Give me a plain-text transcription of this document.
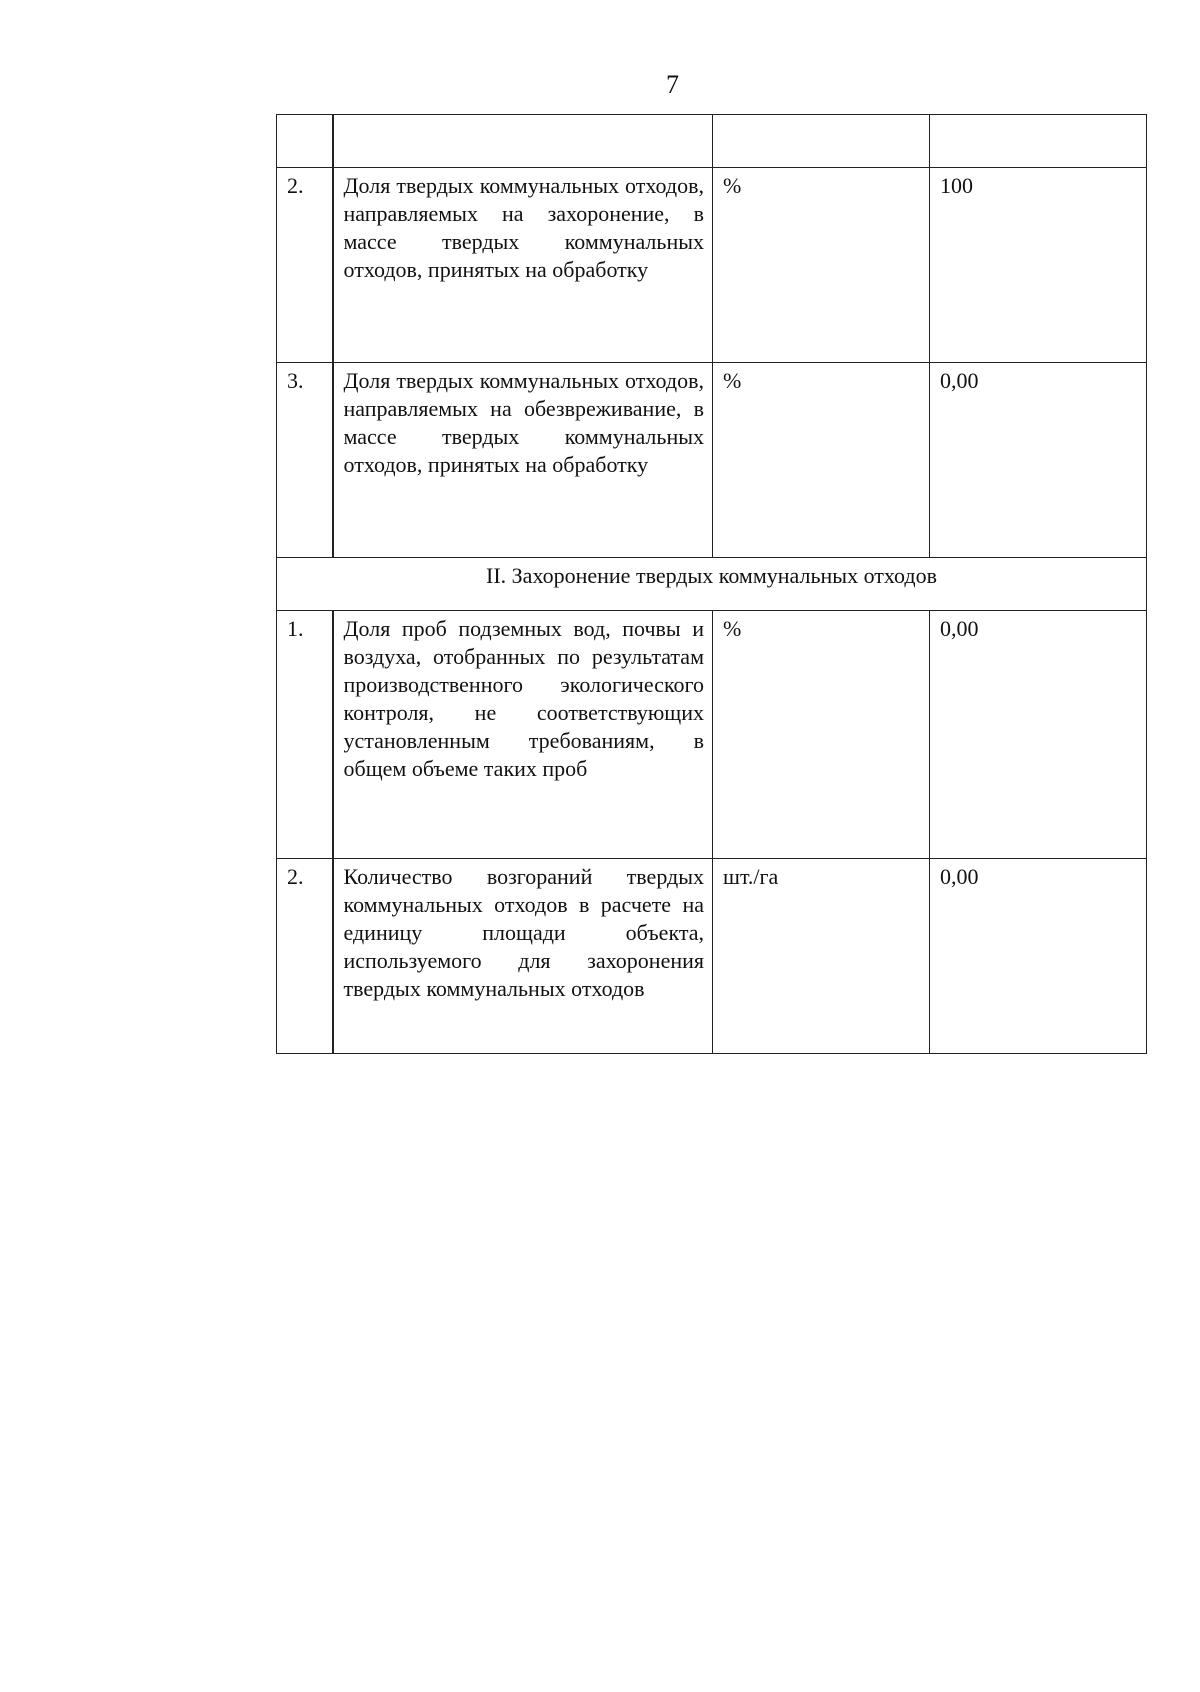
7

2.	Доля твердых коммунальных отходов, направляемых на захоронение, в массе твердых коммунальных отходов, принятых на обработку	%	100
3.	Доля твердых коммунальных отходов, направляемых на обезвреживание, в массе твердых коммунальных отходов, принятых на обработку	%	0,00
II. Захоронение твердых коммунальных отходов			
1.	Доля проб подземных вод, почвы и воздуха, отобранных по результатам производственного экологического контроля, не соответствующих установленным требованиям, в общем объеме таких проб	%	0,00
2.	Количество возгораний твердых коммунальных отходов в расчете на единицу площади объекта, используемого для захоронения твердых коммунальных отходов	шт./га	0,00
